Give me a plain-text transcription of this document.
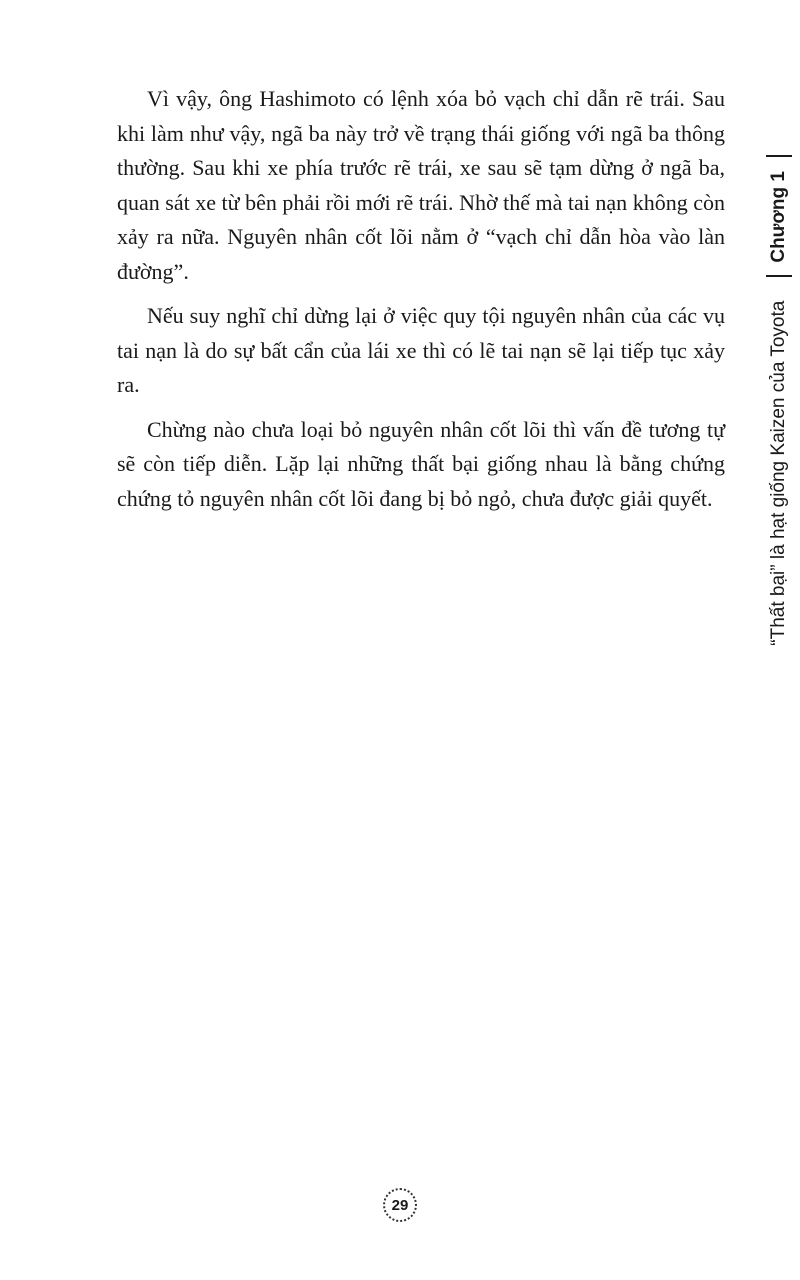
Vì vậy, ông Hashimoto có lệnh xóa bỏ vạch chỉ dẫn rẽ trái. Sau khi làm như vậy, ngã ba này trở về trạng thái giống với ngã ba thông thường. Sau khi xe phía trước rẽ trái, xe sau sẽ tạm dừng ở ngã ba, quan sát xe từ bên phải rồi mới rẽ trái. Nhờ thế mà tai nạn không còn xảy ra nữa. Nguyên nhân cốt lõi nằm ở “vạch chỉ dẫn hòa vào làn đường”.

Nếu suy nghĩ chỉ dừng lại ở việc quy tội nguyên nhân của các vụ tai nạn là do sự bất cẩn của lái xe thì có lẽ tai nạn sẽ lại tiếp tục xảy ra.

Chừng nào chưa loại bỏ nguyên nhân cốt lõi thì vấn đề tương tự sẽ còn tiếp diễn. Lặp lại những thất bại giống nhau là bằng chứng chứng tỏ nguyên nhân cốt lõi đang bị bỏ ngỏ, chưa được giải quyết.	“Thất bại” là hạt giống Kaizen của Toyota
Chương 1
29
